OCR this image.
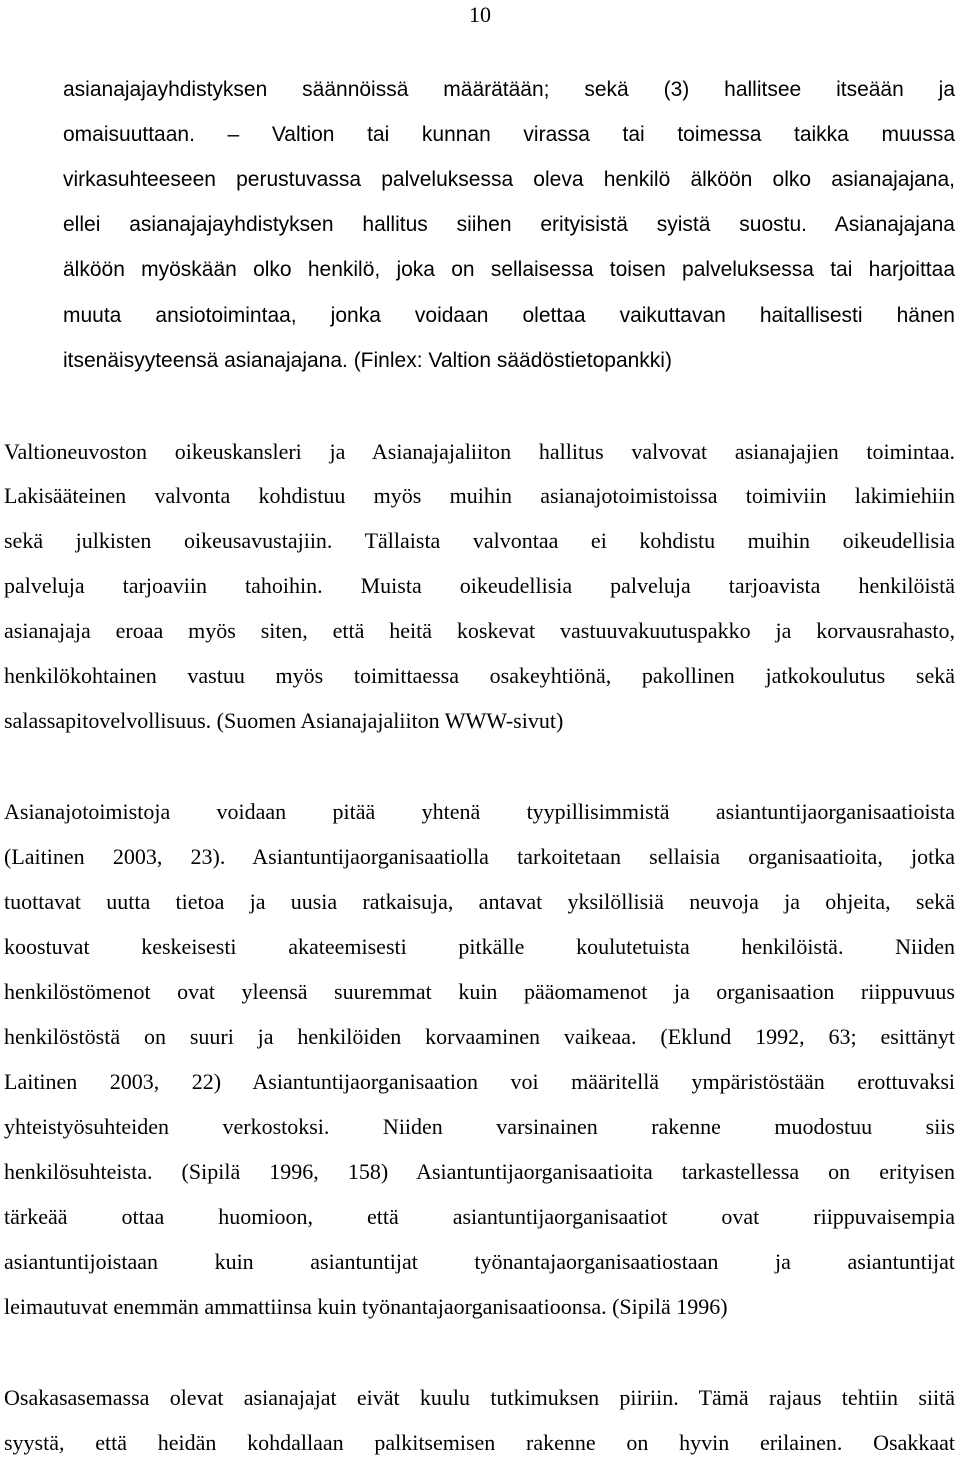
10
asianajajayhdistyksen säännöissä määrätään; sekä (3) hallitsee itseään ja
omaisuuttaan. – Valtion tai kunnan virassa tai toimessa taikka muussa
virkasuhteeseen perustuvassa palveluksessa oleva henkilö älköön olko asianajajana,
ellei asianajajayhdistyksen hallitus siihen erityisistä syistä suostu. Asianajajana
älköön myöskään olko henkilö, joka on sellaisessa toisen palveluksessa tai harjoittaa
muuta ansiotoimintaa, jonka voidaan olettaa vaikuttavan haitallisesti hänen
itsenäisyyteensä asianajajana. (Finlex: Valtion säädöstietopankki)
Valtioneuvoston oikeuskansleri ja Asianajajaliiton hallitus valvovat asianajajien toimintaa.
Lakisääteinen valvonta kohdistuu myös muihin asianajotoimistoissa toimiviin lakimiehiin
sekä julkisten oikeusavustajiin. Tällaista valvontaa ei kohdistu muihin oikeudellisia
palveluja tarjoaviin tahoihin. Muista oikeudellisia palveluja tarjoavista henkilöistä
asianajaja eroaa myös siten, että heitä koskevat vastuuvakuutuspakko ja korvausrahasto,
henkilökohtainen vastuu myös toimittaessa osakeyhtiönä, pakollinen jatkokoulutus sekä
salassapitovelvollisuus. (Suomen Asianajajaliiton WWW-sivut)
Asianajotoimistoja voidaan pitää yhtenä tyypillisimmistä asiantuntijaorganisaatioista
(Laitinen 2003, 23). Asiantuntijaorganisaatiolla tarkoitetaan sellaisia organisaatioita, jotka
tuottavat uutta tietoa ja uusia ratkaisuja, antavat yksilöllisiä neuvoja ja ohjeita, sekä
koostuvat keskeisesti akateemisesti pitkälle koulutetuista henkilöistä. Niiden
henkilöstömenot ovat yleensä suuremmat kuin pääomamenot ja organisaation riippuvuus
henkilöstöstä on suuri ja henkilöiden korvaaminen vaikeaa. (Eklund 1992, 63; esittänyt
Laitinen 2003, 22) Asiantuntijaorganisaation voi määritellä ympäristöstään erottuvaksi
yhteistyösuhteiden verkostoksi. Niiden varsinainen rakenne muodostuu siis
henkilösuhteista. (Sipilä 1996, 158) Asiantuntijaorganisaatioita tarkastellessa on erityisen
tärkeää ottaa huomioon, että asiantuntijaorganisaatiot ovat riippuvaisempia
asiantuntijoistaan kuin asiantuntijat työnantajaorganisaatiostaan ja asiantuntijat
leimautuvat enemmän ammattiinsa kuin työnantajaorganisaatioonsa. (Sipilä 1996)
Osakasasemassa olevat asianajajat eivät kuulu tutkimuksen piiriin. Tämä rajaus tehtiin siitä
syystä, että heidän kohdallaan palkitsemisen rakenne on hyvin erilainen. Osakkaat
